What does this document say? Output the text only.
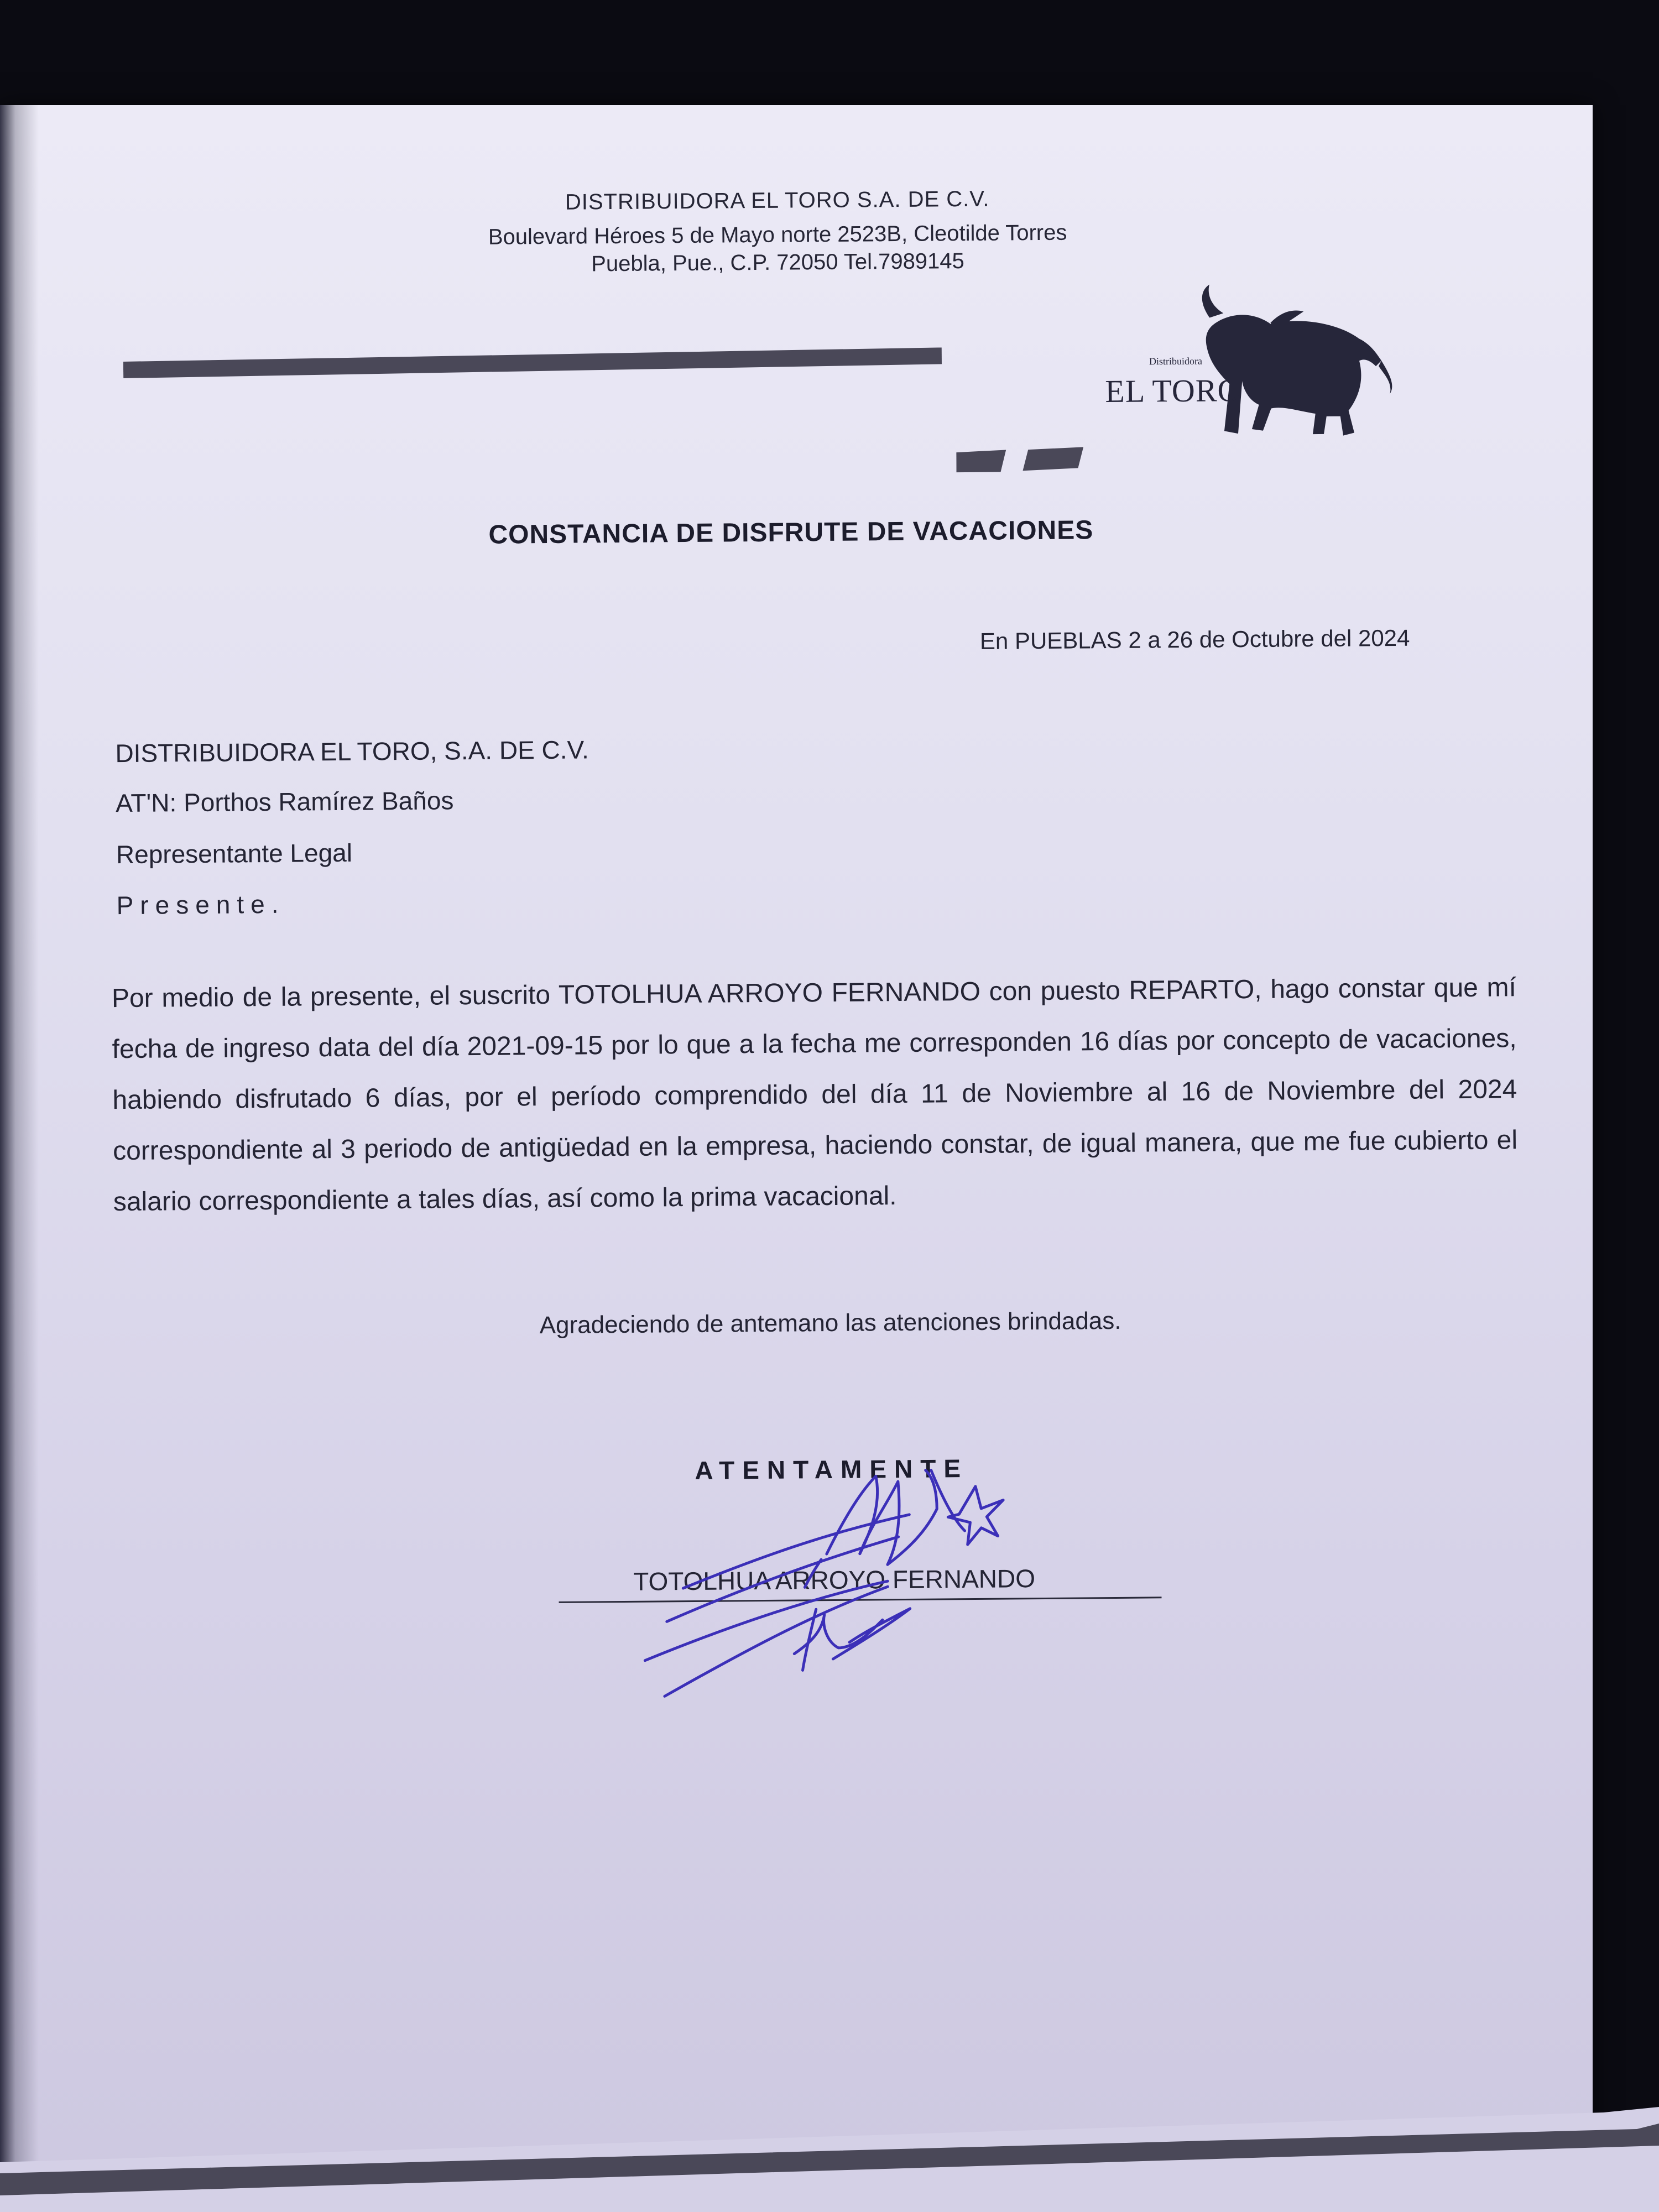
DISTRIBUIDORA EL TORO S.A. DE C.V.
Boulevard Héroes 5 de Mayo norte 2523B, Cleotilde Torres
Puebla, Pue., C.P. 72050 Tel.7989145
Distribuidora
EL TORO
CONSTANCIA DE DISFRUTE DE VACACIONES
En PUEBLAS 2 a 26 de Octubre del 2024
DISTRIBUIDORA EL TORO, S.A. DE C.V.
AT'N: Porthos Ramírez Baños
Representante Legal
Presente.
Por medio de la presente, el suscrito TOTOLHUA ARROYO FERNANDO con puesto REPARTO, hago constar que mí fecha de ingreso data del día 2021-09-15 por lo que a la fecha me corresponden 16 días por concepto de vacaciones, habiendo disfrutado 6 días, por el período comprendido del día 11 de Noviembre al 16 de Noviembre del 2024 correspondiente al 3 periodo de antigüedad en la empresa, haciendo constar, de igual manera, que me fue cubierto el salario correspondiente a tales días, así como la prima vacacional.
Agradeciendo de antemano las atenciones brindadas.
ATENTAMENTE
TOTOLHUA ARROYO FERNANDO
